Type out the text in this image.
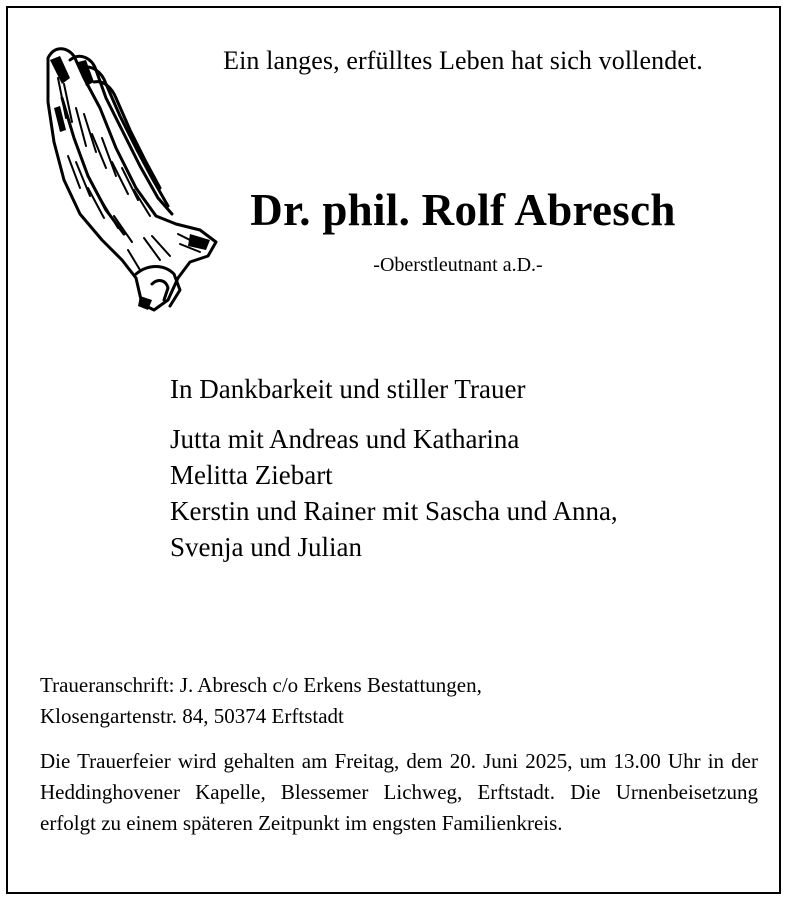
Ein langes, erfülltes Leben hat sich vollendet.
Dr. phil. Rolf Abresch
-Oberstleutnant a.D.-
In Dankbarkeit und stiller Trauer
Jutta mit Andreas und Katharina
Melitta Ziebart
Kerstin und Rainer mit Sascha und Anna,
Svenja und Julian
Traueranschrift: J. Abresch c/o Erkens Bestattungen,
Klosengartenstr. 84, 50374 Erftstadt
Die Trauerfeier wird gehalten am Freitag, dem 20. Juni 2025, um 13.00 Uhr in der Heddinghovener Kapelle, Blessemer Lichweg, Erftstadt. Die Urnenbeisetzung erfolgt zu einem späteren Zeitpunkt im engsten Familienkreis.
